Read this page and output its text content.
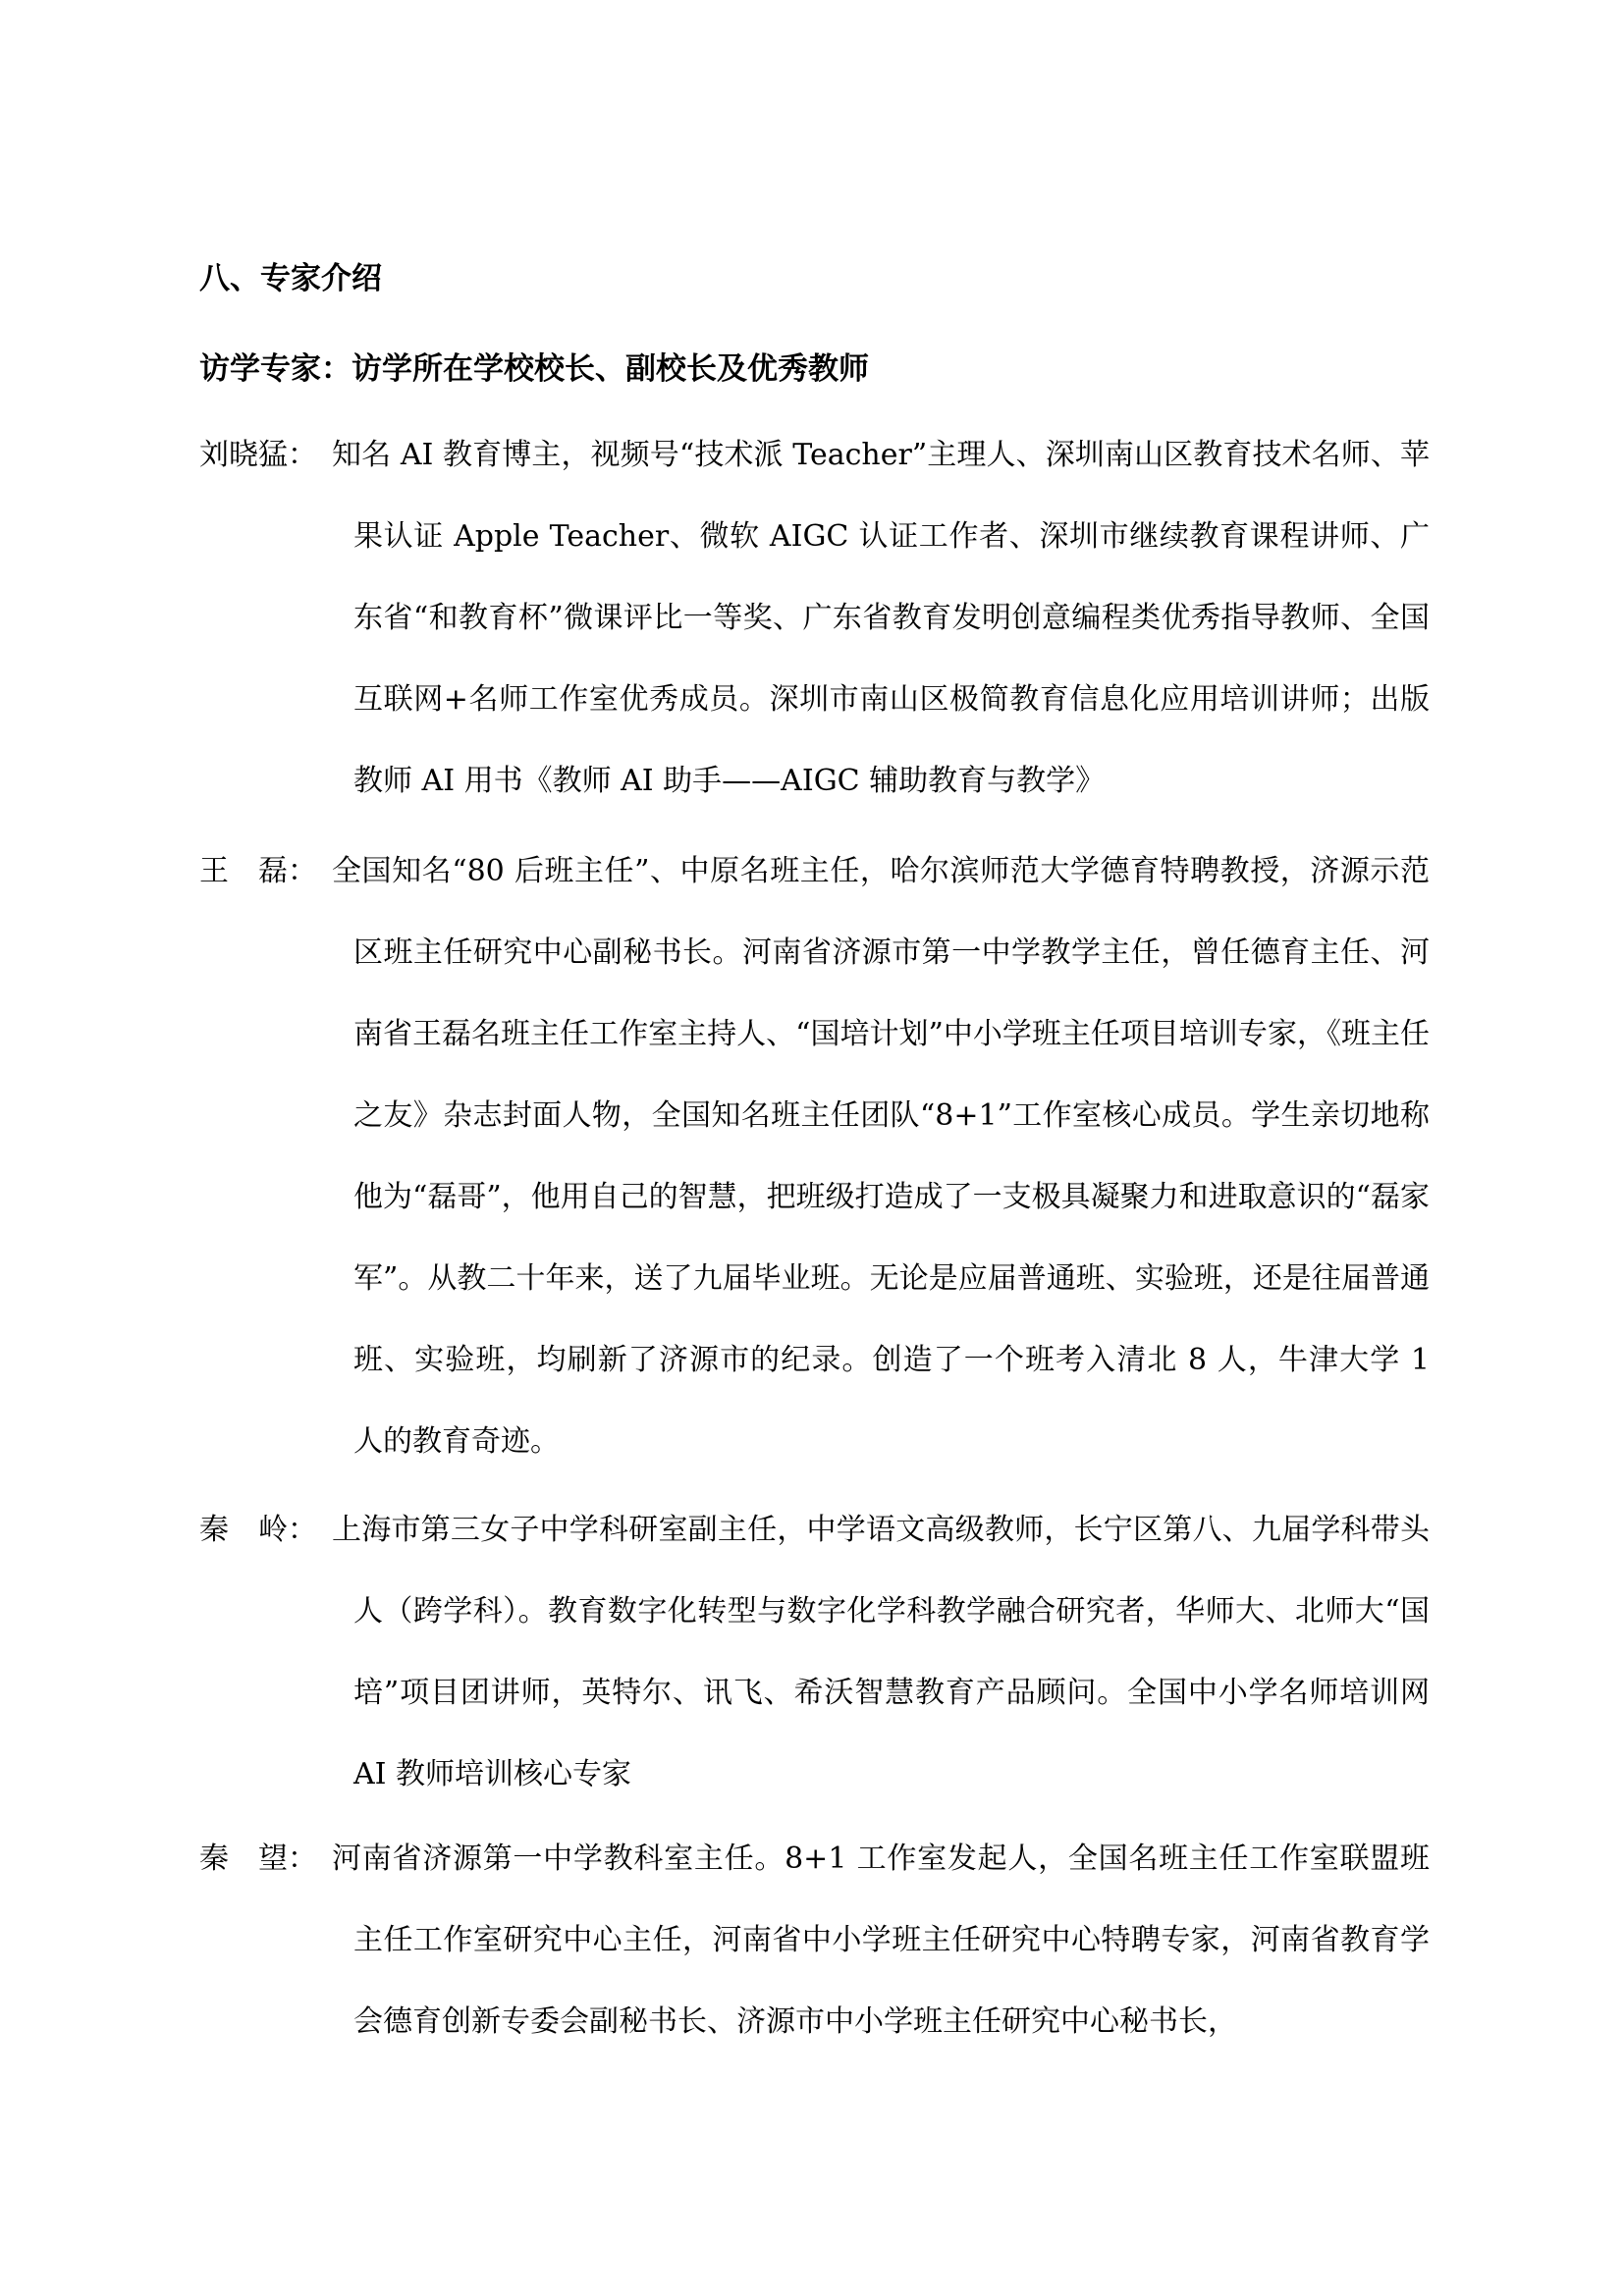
八、专家介绍
访学专家：访学所在学校校长、副校长及优秀教师
刘晓猛： 知名 AI 教育博主，视频号“技术派 Teacher”主理人、深圳南山区教育技术名师、苹果认证 Apple Teacher、微软 AIGC 认证工作者、深圳市继续教育课程讲师、广东省“和教育杯”微课评比一等奖、广东省教育发明创意编程类优秀指导教师、全国互联网+名师工作室优秀成员。深圳市南山区极简教育信息化应用培训讲师；出版教师 AI 用书《教师 AI 助手——AIGC 辅助教育与教学》
王　磊： 全国知名“80 后班主任”、中原名班主任，哈尔滨师范大学德育特聘教授，济源示范区班主任研究中心副秘书长。河南省济源市第一中学教学主任，曾任德育主任、河南省王磊名班主任工作室主持人、“国培计划”中小学班主任项目培训专家，《班主任之友》杂志封面人物，全国知名班主任团队“8+1”工作室核心成员。学生亲切地称他为“磊哥”，他用自己的智慧，把班级打造成了一支极具凝聚力和进取意识的“磊家军”。从教二十年来，送了九届毕业班。无论是应届普通班、实验班，还是往届普通班、实验班，均刷新了济源市的纪录。创造了一个班考入清北 8 人，牛津大学 1 人的教育奇迹。
秦　岭： 上海市第三女子中学科研室副主任，中学语文高级教师，长宁区第八、九届学科带头人（跨学科）。教育数字化转型与数字化学科教学融合研究者，华师大、北师大“国培”项目团讲师，英特尔、讯飞、希沃智慧教育产品顾问。全国中小学名师培训网 AI 教师培训核心专家
秦　望： 河南省济源第一中学教科室主任。8+1 工作室发起人，全国名班主任工作室联盟班主任工作室研究中心主任，河南省中小学班主任研究中心特聘专家，河南省教育学会德育创新专委会副秘书长、济源市中小学班主任研究中心秘书长，
